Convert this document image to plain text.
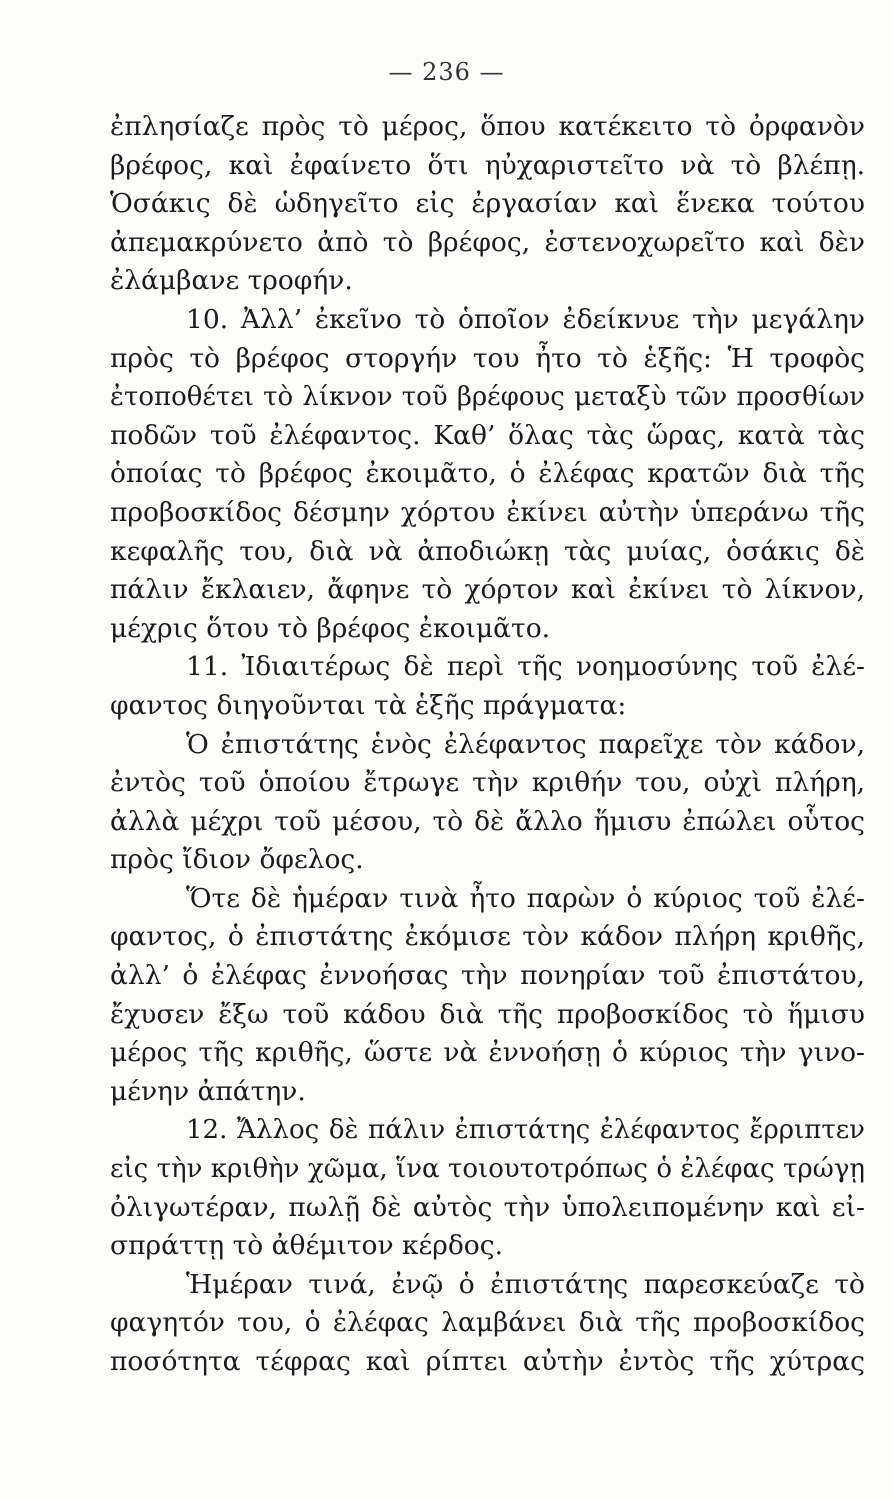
— 236 —
ἐπλησίαζε πρὸς τὸ μέρος, ὅπου κατέκειτο τὸ ὀρφανὸν
βρέφος, καὶ ἐφαίνετο ὅτι ηὐχαριστεῖτο νὰ τὸ βλέπῃ.
Ὁσάκις δὲ ὡδηγεῖτο εἰς ἐργασίαν καὶ ἕνεκα τούτου
ἀπεμακρύνετο ἀπὸ τὸ βρέφος, ἐστενοχωρεῖτο καὶ δὲν
ἐλάμβανε τροφήν.
10. Ἀλλ’ ἐκεῖνο τὸ ὁποῖον ἐδείκνυε τὴν μεγάλην
πρὸς τὸ βρέφος στοργήν του ἦτο τὸ ἑξῆς: Ἡ τροφὸς
ἐτοποθέτει τὸ λίκνον τοῦ βρέφους μεταξὺ τῶν προσθίων
ποδῶν τοῦ ἐλέφαντος. Καθ’ ὅλας τὰς ὥρας, κατὰ τὰς
ὁποίας τὸ βρέφος ἐκοιμᾶτο, ὁ ἐλέφας κρατῶν διὰ τῆς
προβοσκίδος δέσμην χόρτου ἐκίνει αὐτὴν ὑπεράνω τῆς
κεφαλῆς του, διὰ νὰ ἀποδιώκῃ τὰς μυίας, ὁσάκις δὲ
πάλιν ἔκλαιεν, ἄφηνε τὸ χόρτον καὶ ἐκίνει τὸ λίκνον,
μέχρις ὅτου τὸ βρέφος ἐκοιμᾶτο.
11. Ἰδιαιτέρως δὲ περὶ τῆς νοημοσύνης τοῦ ἐλέ-
φαντος διηγοῦνται τὰ ἑξῆς πράγματα:
Ὁ ἐπιστάτης ἑνὸς ἐλέφαντος παρεῖχε τὸν κάδον,
ἐντὸς τοῦ ὁποίου ἔτρωγε τὴν κριθήν του, οὐχὶ πλήρη,
ἀλλὰ μέχρι τοῦ μέσου, τὸ δὲ ἄλλο ἥμισυ ἐπώλει οὗτος
πρὸς ἴδιον ὄφελος.
Ὅτε δὲ ἡμέραν τινὰ ἦτο παρὼν ὁ κύριος τοῦ ἐλέ-
φαντος, ὁ ἐπιστάτης ἐκόμισε τὸν κάδον πλήρη κριθῆς,
ἀλλ’ ὁ ἐλέφας ἐννοήσας τὴν πονηρίαν τοῦ ἐπιστάτου,
ἔχυσεν ἔξω τοῦ κάδου διὰ τῆς προβοσκίδος τὸ ἥμισυ
μέρος τῆς κριθῆς, ὥστε νὰ ἐννοήσῃ ὁ κύριος τὴν γινο-
μένην ἀπάτην.
12. Ἄλλος δὲ πάλιν ἐπιστάτης ἐλέφαντος ἔρριπτεν
εἰς τὴν κριθὴν χῶμα, ἵνα τοιουτοτρόπως ὁ ἐλέφας τρώγῃ
ὀλιγωτέραν, πωλῇ δὲ αὐτὸς τὴν ὑπολειπομένην καὶ εἰ-
σπράττῃ τὸ ἀθέμιτον κέρδος.
Ἡμέραν τινά, ἐνῷ ὁ ἐπιστάτης παρεσκεύαζε τὸ
φαγητόν του, ὁ ἐλέφας λαμβάνει διὰ τῆς προβοσκίδος
ποσότητα τέφρας καὶ ρίπτει αὐτὴν ἐντὸς τῆς χύτρας
